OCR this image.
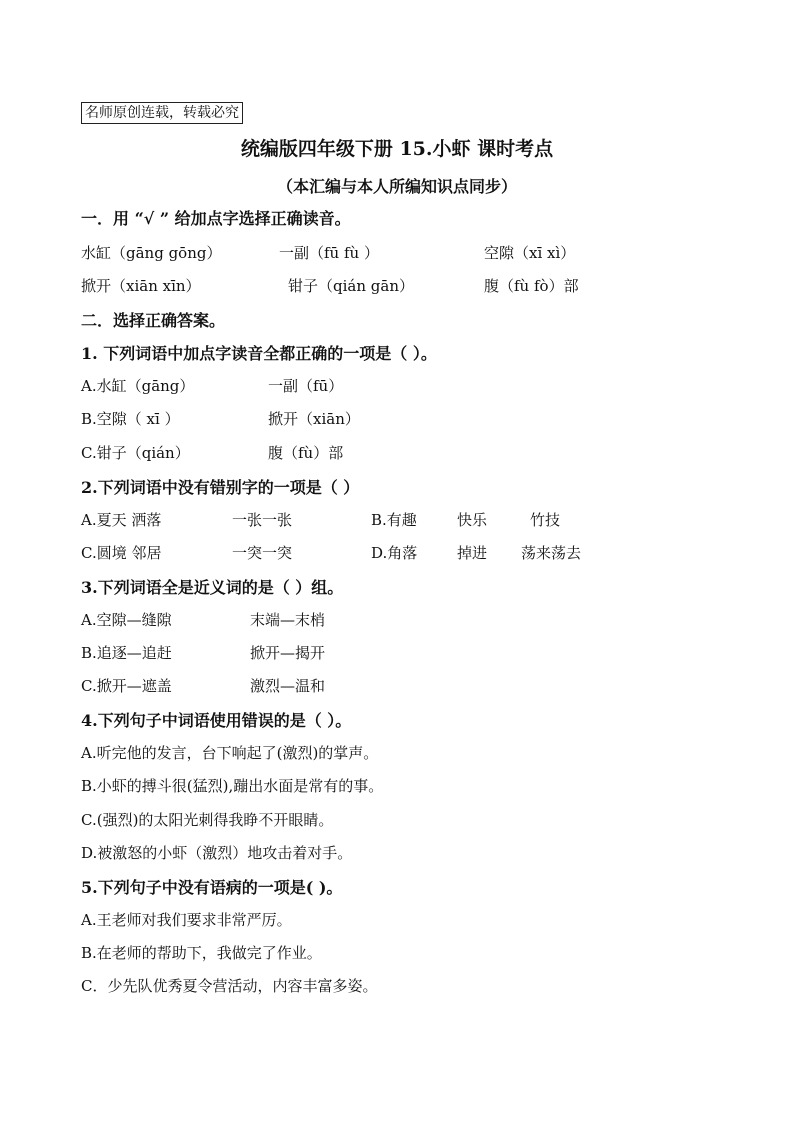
名师原创连载，转载必究
统编版四年级下册 15.小虾 课时考点
（本汇编与本人所编知识点同步）
一．用 “√ ” 给加点字选择正确读音。
水缸（gāng gōng）	一副（fū fù ）	空隙（xī xì）
掀开（xiān xīn）	钳子（qián gān）	腹（fù fò）部
二．选择正确答案。
1. 下列词语中加点字读音全都正确的一项是（ ）。
A.水缸（gāng）	一副（fū）
B.空隙（ xī ）	掀开（xiān）
C.钳子（qián）	腹（fù）部
2.下列词语中没有错别字的一项是（ ）
A.夏天 洒落	一张一张	B.有趣	快乐	竹技
C.圆境 邻居	一突一突	D.角落	掉进 荡来荡去
3.下列词语全是近义词的是（ ）组。
A.空隙—缝隙	末端—末梢
B.追逐—追赶	掀开—揭开
C.掀开—遮盖	激烈—温和
4.下列句子中词语使用错误的是（ ）。
A.听完他的发言，台下响起了(激烈)的掌声。
B.小虾的搏斗很(猛烈),蹦出水面是常有的事。
C.(强烈)的太阳光刺得我睁不开眼睛。
D.被激怒的小虾（激烈）地攻击着对手。
5.下列句子中没有语病的一项是( )。
A.王老师对我们要求非常严厉。
B.在老师的帮助下，我做完了作业。
C．少先队优秀夏令营活动，内容丰富多姿。
